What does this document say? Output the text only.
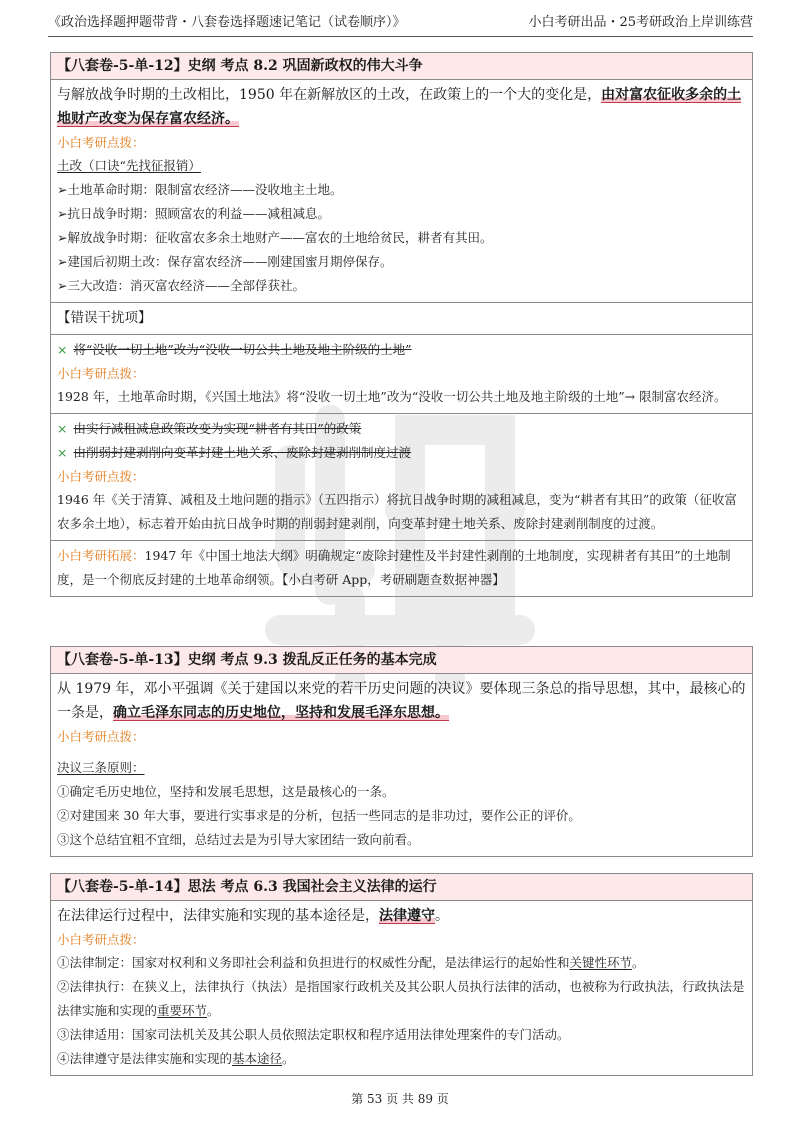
《政治选择题押题带背・八套卷选择题速记笔记（试卷顺序）》	小白考研出品・25考研政治上岸训练营
【八套卷-5-单-12】史纲 考点 8.2 巩固新政权的伟大斗争
与解放战争时期的土改相比，1950 年在新解放区的土改，在政策上的一个大的变化是，由对富农征收多余的土地财产改变为保存富农经济。
小白考研点拨：
土改（口诀“先找征报销）
➢土地革命时期：限制富农经济——没收地主土地。
➢抗日战争时期：照顾富农的利益——减租减息。
➢解放战争时期：征收富农多余土地财产——富农的土地给贫民，耕者有其田。
➢建国后初期土改：保存富农经济——刚建国蜜月期停保存。
➢三大改造：消灭富农经济——全部俘获社。
【错误干扰项】
× 将“没收一切土地”改为“没收一切公共土地及地主阶级的土地”
小白考研点拨：
1928 年，土地革命时期，《兴国土地法》将“没收一切土地”改为“没收一切公共土地及地主阶级的土地”→ 限制富农经济。
× 由实行减租减息政策改变为实现“耕者有其田”的政策
× 由削弱封建剥削向变革封建土地关系、废除封建剥削制度过渡
小白考研点拨：
1946 年《关于清算、减租及土地问题的指示》（五四指示）将抗日战争时期的减租减息，变为“耕者有其田”的政策（征收富农多余土地），标志着开始由抗日战争时期的削弱封建剥削，向变革封建土地关系、废除封建剥削制度的过渡。
小白考研拓展：1947 年《中国土地法大纲》明确规定“废除封建性及半封建性剥削的土地制度，实现耕者有其田”的土地制度，是一个彻底反封建的土地革命纲领。【小白考研 App，考研刷题查数据神器】
【八套卷-5-单-13】史纲 考点 9.3 拨乱反正任务的基本完成
从 1979 年，邓小平强调《关于建国以来党的若干历史问题的决议》要体现三条总的指导思想，其中，最核心的一条是，确立毛泽东同志的历史地位，坚持和发展毛泽东思想。
小白考研点拨：
决议三条原则：
①确定毛历史地位，坚持和发展毛思想，这是最核心的一条。
②对建国来 30 年大事，要进行实事求是的分析，包括一些同志的是非功过，要作公正的评价。
③这个总结宜粗不宜细，总结过去是为引导大家团结一致向前看。
【八套卷-5-单-14】思法 考点 6.3 我国社会主义法律的运行
在法律运行过程中，法律实施和实现的基本途径是，法律遵守。
小白考研点拨：
①法律制定：国家对权利和义务即社会利益和负担进行的权威性分配，是法律运行的起始性和关键性环节。
②法律执行：在狭义上，法律执行（执法）是指国家行政机关及其公职人员执行法律的活动，也被称为行政执法，行政执法是法律实施和实现的重要环节。
③法律适用：国家司法机关及其公职人员依照法定职权和程序适用法律处理案件的专门活动。
④法律遵守是法律实施和实现的基本途径。
第 53 页 共 89 页
